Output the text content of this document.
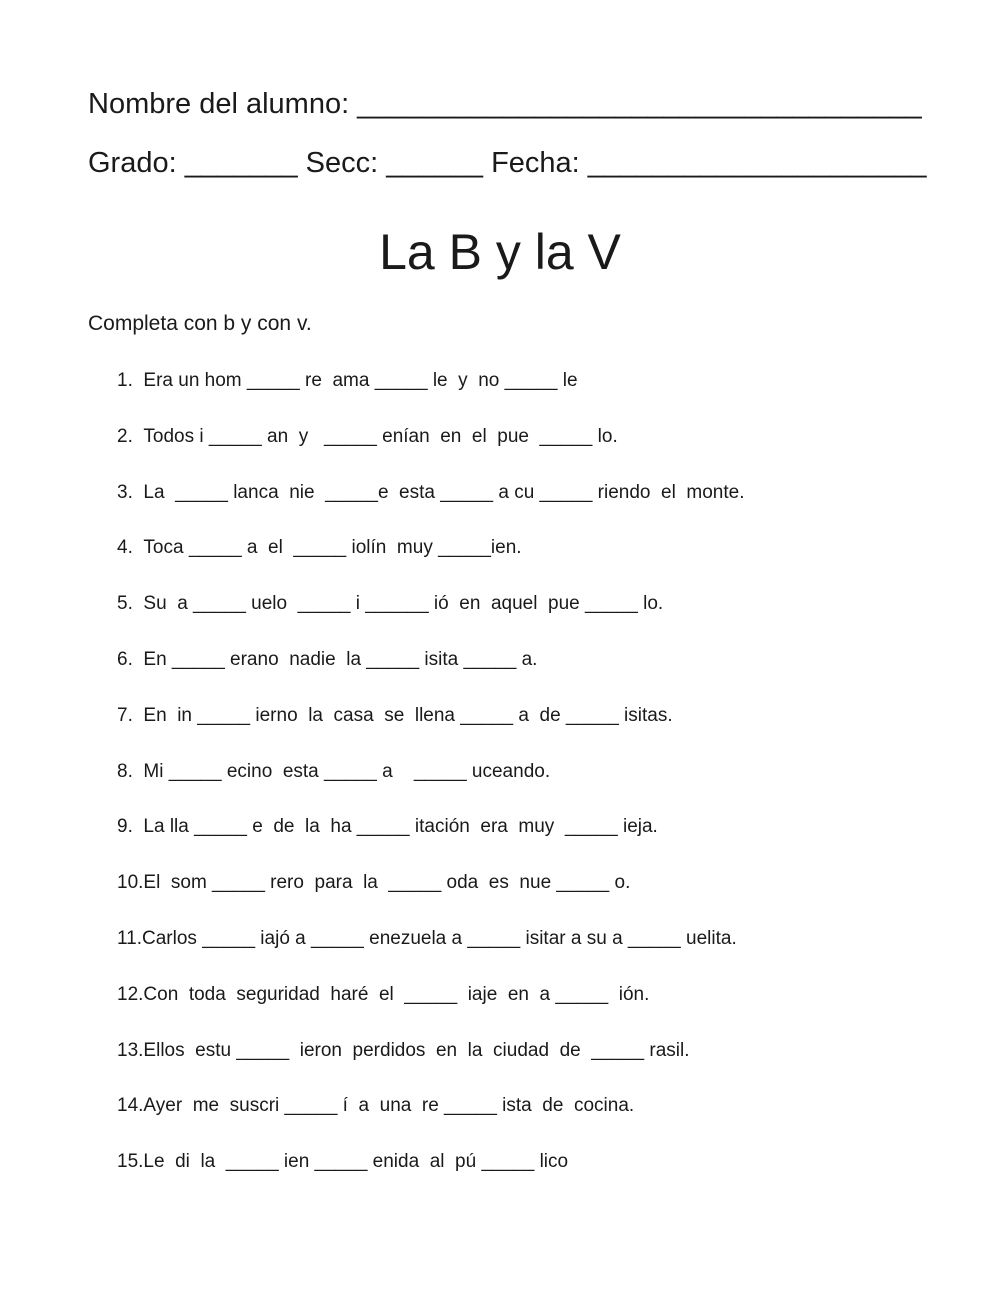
Nombre del alumno: ___________________________________
Grado: _______ Secc: ______ Fecha: _____________________
La B y la V
Completa con b y con v.
1.  Era un hom _____ re  ama _____ le  y  no _____ le
2.  Todos i _____ an  y   _____ enían  en  el  pue  _____ lo.
3.  La  _____ lanca  nie  _____e  esta _____ a cu _____ riendo  el  monte.
4.  Toca _____ a  el  _____ iolín  muy _____ien.
5.  Su  a _____ uelo  _____ i ______ ió  en  aquel  pue _____ lo.
6.  En _____ erano  nadie  la _____ isita _____ a.
7.  En  in _____ ierno  la  casa  se  llena _____ a  de _____ isitas.
8.  Mi _____ ecino  esta _____ a    _____ uceando.
9.  La lla _____ e  de  la  ha _____ itación  era  muy  _____ ieja.
10.El  som _____ rero  para  la  _____ oda  es  nue _____ o.
11.Carlos _____ iajó a _____ enezuela a _____ isitar a su a _____ uelita.
12.Con  toda  seguridad  haré  el  _____  iaje  en  a _____  ión.
13.Ellos  estu _____  ieron  perdidos  en  la  ciudad  de  _____ rasil.
14.Ayer  me  suscri _____ í  a  una  re _____ ista  de  cocina.
15.Le  di  la  _____ ien _____ enida  al  pú _____ lico
